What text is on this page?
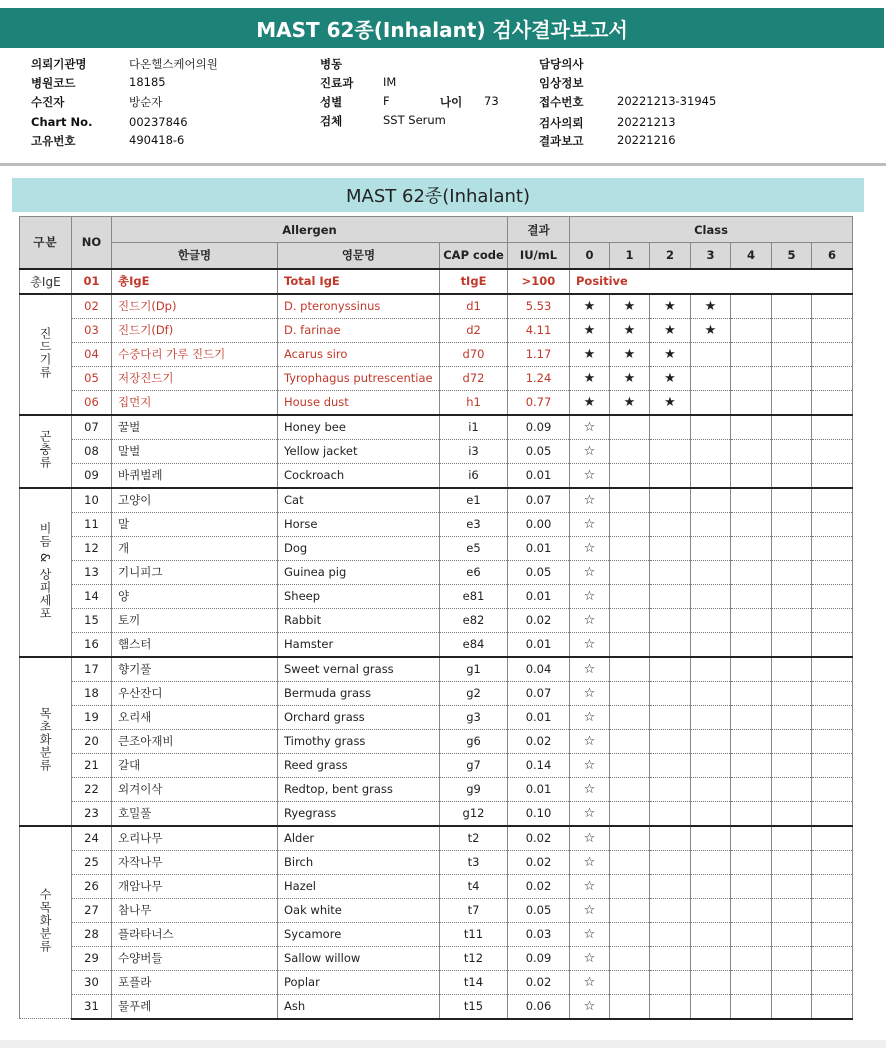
MAST 62종(Inhalant) 검사결과보고서
의뢰기관명	다온헬스케어의원
병원코드	18185
수진자	방순자
Chart No.	00237846
고유번호	490418-6
병동
진료과	IM
성별	F	나이 73
검체	SST Serum
담당의사
임상정보
접수번호	20221213-31945
검사의뢰	20221213
결과보고	20221216
MAST 62종(Inhalant)
구분	NO	Allergen			결과	Class						
		한글명	영문명	CAP code	IU/mL	0	1	2	3	4	5	6
총IgE	01	총IgE	Total IgE	tIgE	>100	Positive						
진드기류	02	진드기(Dp)	D. pteronyssinus	d1	5.53	★	★	★	★			
	03	진드기(Df)	D. farinae	d2	4.11	★	★	★	★			
	04	수중다리 가루 진드기	Acarus siro	d70	1.17	★	★	★				
	05	저장진드기	Tyrophagus putrescentiae	d72	1.24	★	★	★				
	06	집먼지	House dust	h1	0.77	★	★	★				
곤충류	07	꿀벌	Honey bee	i1	0.09	☆						
	08	말벌	Yellow jacket	i3	0.05	☆						
	09	바퀴벌레	Cockroach	i6	0.01	☆						
비듬 & 상피세포	10	고양이	Cat	e1	0.07	☆						
	11	말	Horse	e3	0.00	☆						
	12	개	Dog	e5	0.01	☆						
	13	기니피그	Guinea pig	e6	0.05	☆						
	14	양	Sheep	e81	0.01	☆						
	15	토끼	Rabbit	e82	0.02	☆						
	16	햄스터	Hamster	e84	0.01	☆						
목초화분류	17	향기풀	Sweet vernal grass	g1	0.04	☆						
	18	우산잔디	Bermuda grass	g2	0.07	☆						
	19	오리새	Orchard grass	g3	0.01	☆						
	20	큰조아재비	Timothy grass	g6	0.02	☆						
	21	갈대	Reed grass	g7	0.14	☆						
	22	외겨이삭	Redtop, bent grass	g9	0.01	☆						
	23	호밀풀	Ryegrass	g12	0.10	☆						
수목화분류	24	오리나무	Alder	t2	0.02	☆						
	25	자작나무	Birch	t3	0.02	☆						
	26	개암나무	Hazel	t4	0.02	☆						
	27	참나무	Oak white	t7	0.05	☆						
	28	플라타너스	Sycamore	t11	0.03	☆						
	29	수양버들	Sallow willow	t12	0.09	☆						
	30	포플라	Poplar	t14	0.02	☆						
	31	물푸레	Ash	t15	0.06	☆						
